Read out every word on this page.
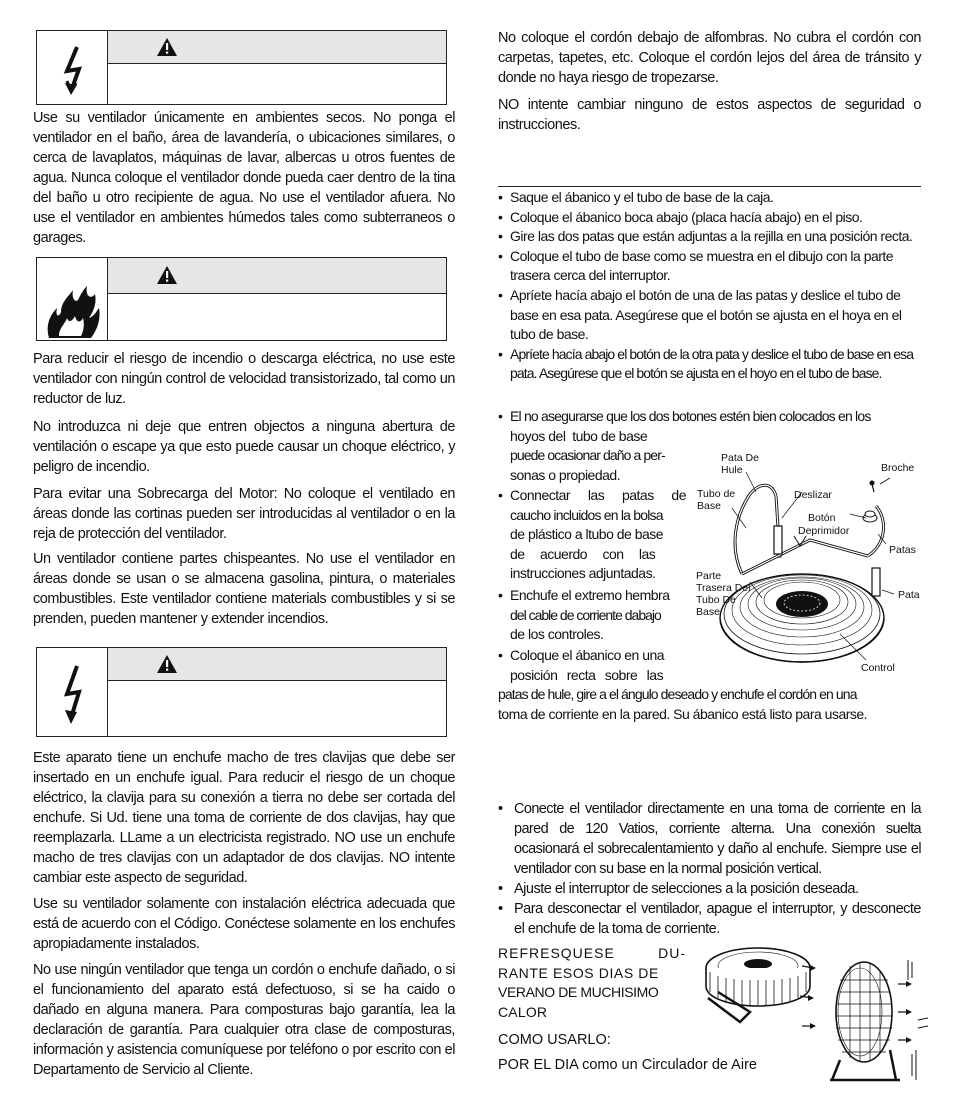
Use su ventilador únicamente en ambientes secos. No ponga el ventilador en el baño, área de lavandería, o ubicaciones similares, o cerca de lavaplatos, máquinas de lavar, albercas u otros fuentes de agua. Nunca coloque el ventilador donde pueda caer dentro de la tina del baño u otro recipiente de agua. No use el ventilador afuera. No use el ventilador en ambientes húmedos tales como subterraneos o garages.

Para reducir el riesgo de incendio o descarga eléctrica, no use este ventilador con ningún control de velocidad transistorizado, tal como un reductor de luz.

No introduzca ni deje que entren objectos a ninguna abertura de ventilación o escape ya que esto puede causar un choque eléctrico, y peligro de incendio.

Para evitar una Sobrecarga del Motor: No coloque el ventilado en áreas donde las cortinas pueden ser introducidas al ventilador o en la reja de protección del ventilador.

Un ventilador contiene partes chispeantes. No use el ventilador en áreas donde se usan o se almacena gasolina, pintura, o materiales combustibles. Este ventilador contiene materials combustibles y si se prenden, pueden mantener y extender incendios.

Este aparato tiene un enchufe macho de tres clavijas que debe ser insertado en un enchufe igual. Para reducir el riesgo de un choque eléctrico, la clavija para su conexión a tierra no debe ser cortada del enchufe. Si Ud. tiene una toma de corriente de dos clavijas, hay que reemplazarla. LLame a un electricista registrado. NO use un enchufe macho de tres clavijas con un adaptador de dos clavijas. NO intente cambiar este aspecto de seguridad.

Use su ventilador solamente con instalación eléctrica adecuada que está de acuerdo con el Código. Conéctese solamente en los enchufes apropiadamente instalados.

No use ningún ventilador que tenga un cordón o enchufe dañado, o si el funcionamiento del aparato está defectuoso, si se ha caido o dañado en alguna manera. Para composturas bajo garantía, lea la declaración de garantía. Para cualquier otra clase de composturas, información y asistencia comuníquese por teléfono o por escrito con el Departamento de Servicio al Cliente.

No coloque el cordón debajo de alfombras. No cubra el cordón con carpetas, tapetes, etc. Coloque el cordón lejos del área de tránsito y donde no haya riesgo de tropezarse.

NO intente cambiar ninguno de estos aspectos de seguridad o instrucciones.

• Saque el ábanico y el tubo de base de la caja.
• Coloque el ábanico boca abajo (placa hacía abajo) en el piso.
• Gire las dos patas que están adjuntas a la rejilla en una posición recta.
• Coloque el tubo de base como se muestra en el dibujo con la parte trasera cerca del interruptor.
• Apríete hacía abajo el botón de una de las patas y deslice el tubo de base en esa pata. Asegúrese que el botón se ajusta en el hoya en el tubo de base.
• Apríete hacía abajo el botón de la otra pata y deslice el tubo de base en esa pata. Asegúrese que el botón se ajusta en el hoyo en el tubo de base.
• El no asegurarse que los dos botones estén bien colocados en los
hoyos del  tubo de base
puede ocasionar daño a per-
sonas o propiedad.
• Connectar las patas de
caucho incluidos en la bolsa
de plástico a ltubo de base
de acuerdo con las
instrucciones adjuntadas.
• Enchufe el extremo hembra
del cable de corriente dabajo
de los controles.
• Coloque el ábanico en una
posición recta sobre las
patas de hule, gire a el ángulo deseado y enchufe el cordón en una
toma de corriente en la pared. Su ábanico está listo para usarse.
Pata De
Hule	Broche
Tubo de
Base
Deslizar
Botón
Deprimidor
Patas
Parte
Trasera Del
Tubo De
Base
Pata
Control
• Conecte el ventilador directamente en una toma de corriente en la pared de 120 Vatios, corriente alterna. Una conexión suelta ocasionará el sobrecalentamiento y daño al enchufe. Siempre use el ventilador con su base en la normal posición vertical.
• Ajuste el interruptor de selecciones a la posición deseada.
• Para desconectar el ventilador, apague el interruptor, y desconecte el enchufe de la toma de corriente.
REFRESQUESE DU-
RANTE ESOS DIAS DE
VERANO DE MUCHISIMO
CALOR
COMO USARLO:
POR EL DIA como un Circulador de Aire
